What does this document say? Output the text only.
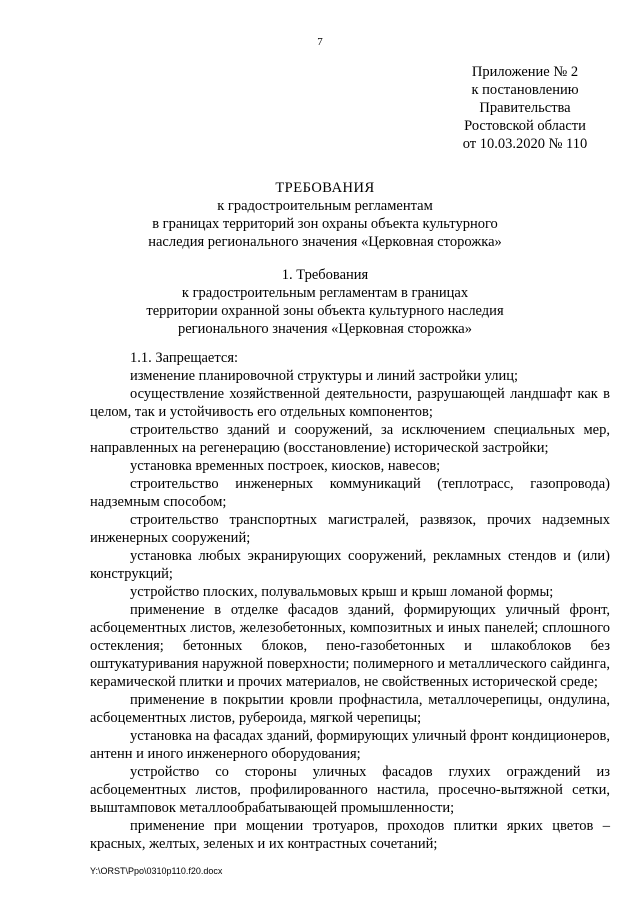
7
Приложение № 2
к постановлению
Правительства
Ростовской области
от 10.03.2020 № 110
ТРЕБОВАНИЯ
к градостроительным регламентам
в границах территорий зон охраны объекта культурного
наследия регионального значения «Церковная сторожка»
1. Требования
к градостроительным регламентам в границах
территории охранной зоны объекта культурного наследия
регионального значения «Церковная сторожка»

1.1. Запрещается:

изменение планировочной структуры и линий застройки улиц;

осуществление хозяйственной деятельности, разрушающей ландшафт как в целом, так и устойчивость его отдельных компонентов;

строительство зданий и сооружений, за исключением специальных мер, направленных на регенерацию (восстановление) исторической застройки;

установка временных построек, киосков, навесов;

строительство инженерных коммуникаций (теплотрасс, газопровода) надземным способом;

строительство транспортных магистралей, развязок, прочих надземных инженерных сооружений;

установка любых экранирующих сооружений, рекламных стендов и (или) конструкций;

устройство плоских, полувальмовых крыш и крыш ломаной формы;

применение в отделке фасадов зданий, формирующих уличный фронт, асбоцементных листов, железобетонных, композитных и иных панелей; сплошного остекления; бетонных блоков, пено-газобетонных и шлакоблоков без оштукатуривания наружной поверхности; полимерного и металлического сайдинга, керамической плитки и прочих материалов, не свойственных исторической среде;

применение в покрытии кровли профнастила, металлочерепицы, ондулина, асбоцементных листов, рубероида, мягкой черепицы;

установка на фасадах зданий, формирующих уличный фронт кондиционеров, антенн и иного инженерного оборудования;

устройство со стороны уличных фасадов глухих ограждений из асбоцементных листов, профилированного настила, просечно-вытяжной сетки, выштамповок металлообрабатывающей промышленности;

применение при мощении тротуаров, проходов плитки ярких цветов – красных, желтых, зеленых и их контрастных сочетаний;

Y:\ORST\Ppo\0310p110.f20.docx
